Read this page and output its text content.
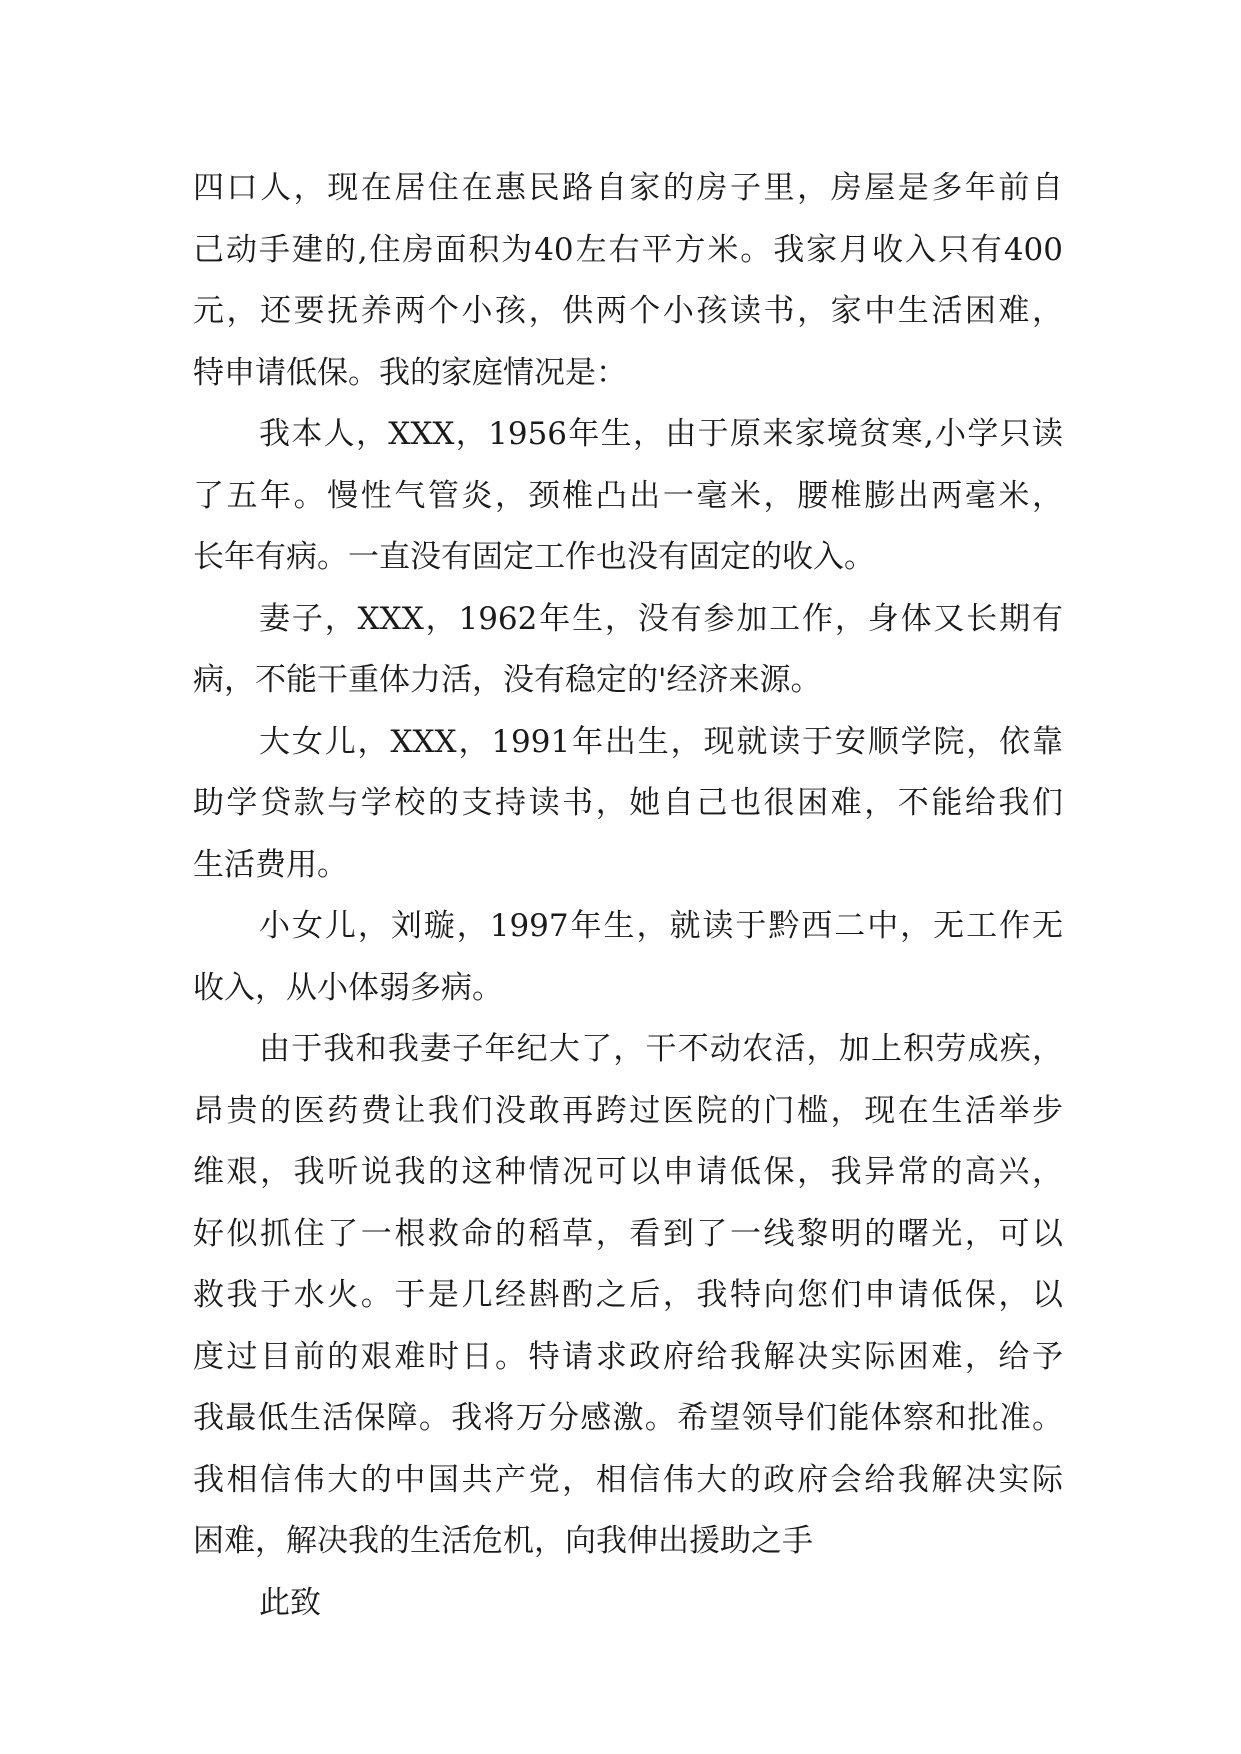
四口人，现在居住在惠民路自家的房子里，房屋是多年前自
己动手建的,住房面积为40左右平方米。我家月收入只有400
元，还要抚养两个小孩，供两个小孩读书，家中生活困难，
特申请低保。我的家庭情况是：
我本人，XXX，1956年生，由于原来家境贫寒,小学只读
了五年。慢性气管炎，颈椎凸出一毫米，腰椎膨出两毫米，
长年有病。一直没有固定工作也没有固定的收入。
妻子，XXX，1962年生，没有参加工作，身体又长期有
病，不能干重体力活，没有稳定的'经济来源。
大女儿，XXX，1991年出生，现就读于安顺学院，依靠
助学贷款与学校的支持读书，她自己也很困难，不能给我们
生活费用。
小女儿，刘璇，1997年生，就读于黔西二中，无工作无
收入，从小体弱多病。
由于我和我妻子年纪大了，干不动农活，加上积劳成疾，
昂贵的医药费让我们没敢再跨过医院的门槛，现在生活举步
维艰，我听说我的这种情况可以申请低保，我异常的高兴，
好似抓住了一根救命的稻草，看到了一线黎明的曙光，可以
救我于水火。于是几经斟酌之后，我特向您们申请低保，以
度过目前的艰难时日。特请求政府给我解决实际困难，给予
我最低生活保障。我将万分感激。希望领导们能体察和批准。
我相信伟大的中国共产党，相信伟大的政府会给我解决实际
困难，解决我的生活危机，向我伸出援助之手
此致
